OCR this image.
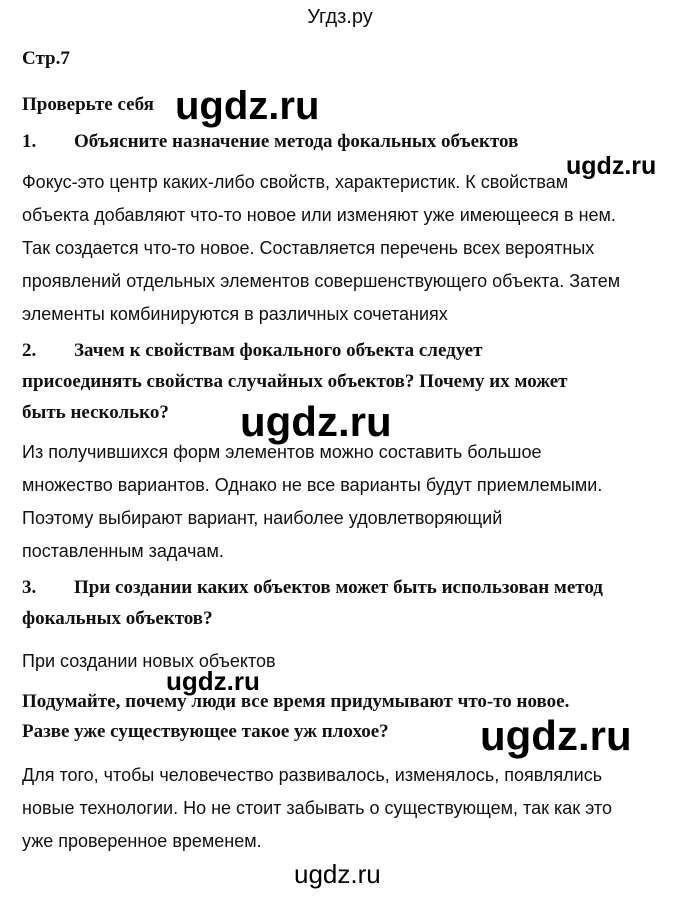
Угдз.ру
Стр.7
Проверьте себя
1. Объясните назначение метода фокальных объектов
Фокус-это центр каких-либо свойств, характеристик. К свойствам
объекта добавляют что-то новое или изменяют уже имеющееся в нем.
Так создается что-то новое. Составляется перечень всех вероятных
проявлений отдельных элементов совершенствующего объекта. Затем
элементы комбинируются в различных сочетаниях
2. Зачем к свойствам фокального объекта следует
присоединять свойства случайных объектов? Почему их может
быть несколько?
Из получившихся форм элементов можно составить большое
множество вариантов. Однако не все варианты будут приемлемыми.
Поэтому выбирают вариант, наиболее удовлетворяющий
поставленным задачам.
3. При создании каких объектов может быть использован метод
фокальных объектов?
При создании новых объектов
Подумайте, почему люди все время придумывают что-то новое.
Разве уже существующее такое уж плохое?
Для того, чтобы человечество развивалось, изменялось, появлялись
новые технологии. Но не стоит забывать о существующем, так как это
уже проверенное временем.
ugdz.ru
ugdz.ru
ugdz.ru
ugdz.ru
ugdz.ru
ugdz.ru
